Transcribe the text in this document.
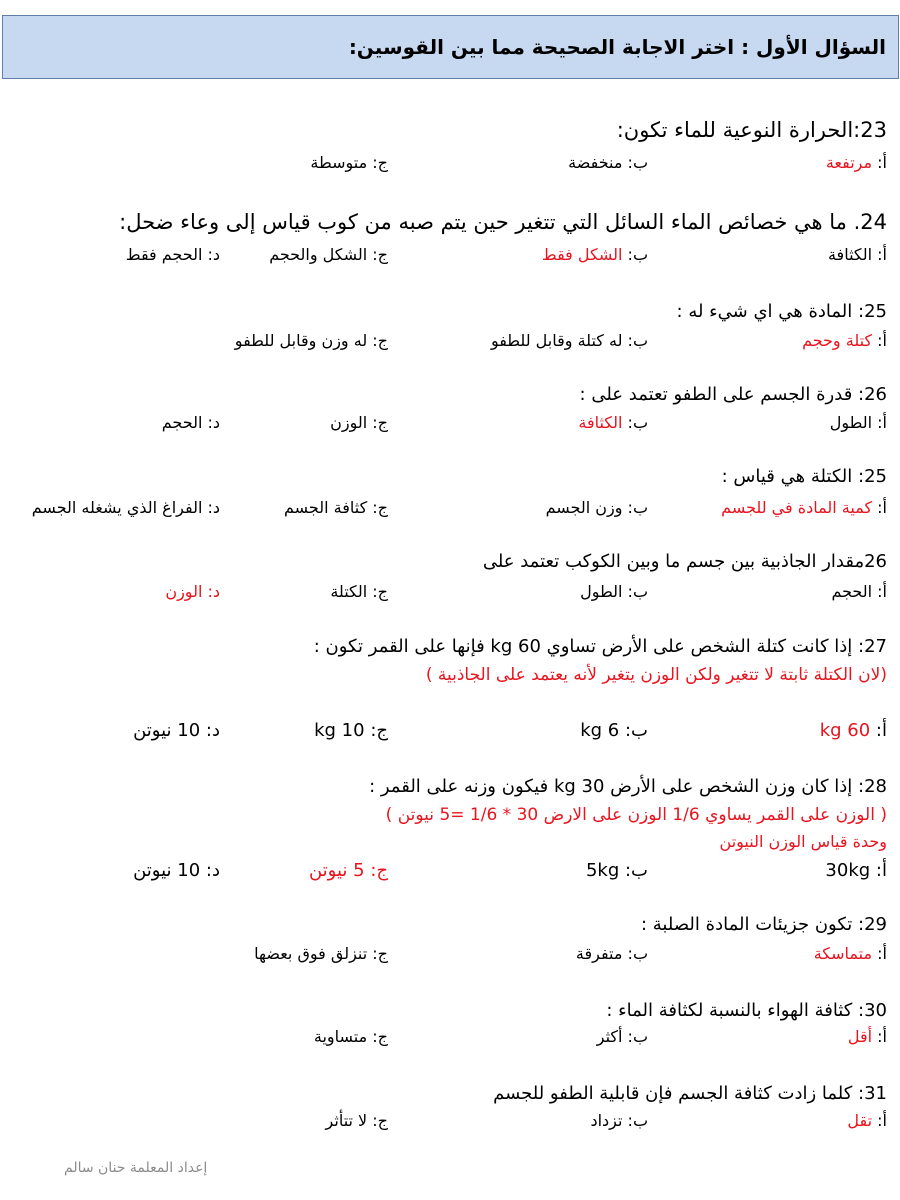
السؤال الأول : اختر الاجابة الصحيحة مما بين القوسين:
23:الحرارة النوعية للماء تكون:
أ: مرتفعة
ب: منخفضة
ج: متوسطة
24. ما هي خصائص الماء السائل التي تتغير حين يتم صبه من كوب قياس إلى وعاء ضحل:
أ: الكثافة
ب: الشكل فقط
ج: الشكل والحجم
د: الحجم فقط
25: المادة هي اي شيء له :
أ: كتلة وحجم
ب: له كتلة وقابل للطفو
ج: له وزن وقابل للطفو
26: قدرة الجسم على الطفو تعتمد على :
أ: الطول
ب: الكثافة
ج: الوزن
د: الحجم
25: الكتلة هي قياس :
أ: كمية المادة في للجسم
ب: وزن الجسم
ج: كثافة الجسم
د: الفراغ الذي يشغله الجسم
26مقدار الجاذبية بين جسم ما وبين الكوكب تعتمد على
أ: الحجم
ب: الطول
ج: الكتلة
د: الوزن
27: إذا كانت كتلة الشخص على الأرض تساوي 60 kg فإنها على القمر تكون :
(لان الكتلة ثابتة لا تتغير ولكن الوزن يتغير لأنه يعتمد على الجاذبية )
أ: 60 kg
ب: 6 kg
ج: 10 kg
د: 10 نيوتن
28: إذا كان وزن الشخص على الأرض 30 kg فيكون وزنه على القمر :
( الوزن على القمر يساوي 1/6 الوزن على الارض 30 * 1/6 =5 نيوتن )
وحدة قياس الوزن النيوتن
أ: 30kg
ب: 5kg
ج: 5 نيوتن
د: 10 نيوتن
29: تكون جزيئات المادة الصلبة :
أ: متماسكة
ب: متفرقة
ج: تنزلق فوق بعضها
30: كثافة الهواء بالنسبة لكثافة الماء :
أ: أقل
ب: أكثر
ج: متساوية
31: كلما زادت كثافة الجسم فإن قابلية الطفو للجسم
أ: تقل
ب: تزداد
ج: لا تتأثر
إعداد المعلمة حنان سالم
